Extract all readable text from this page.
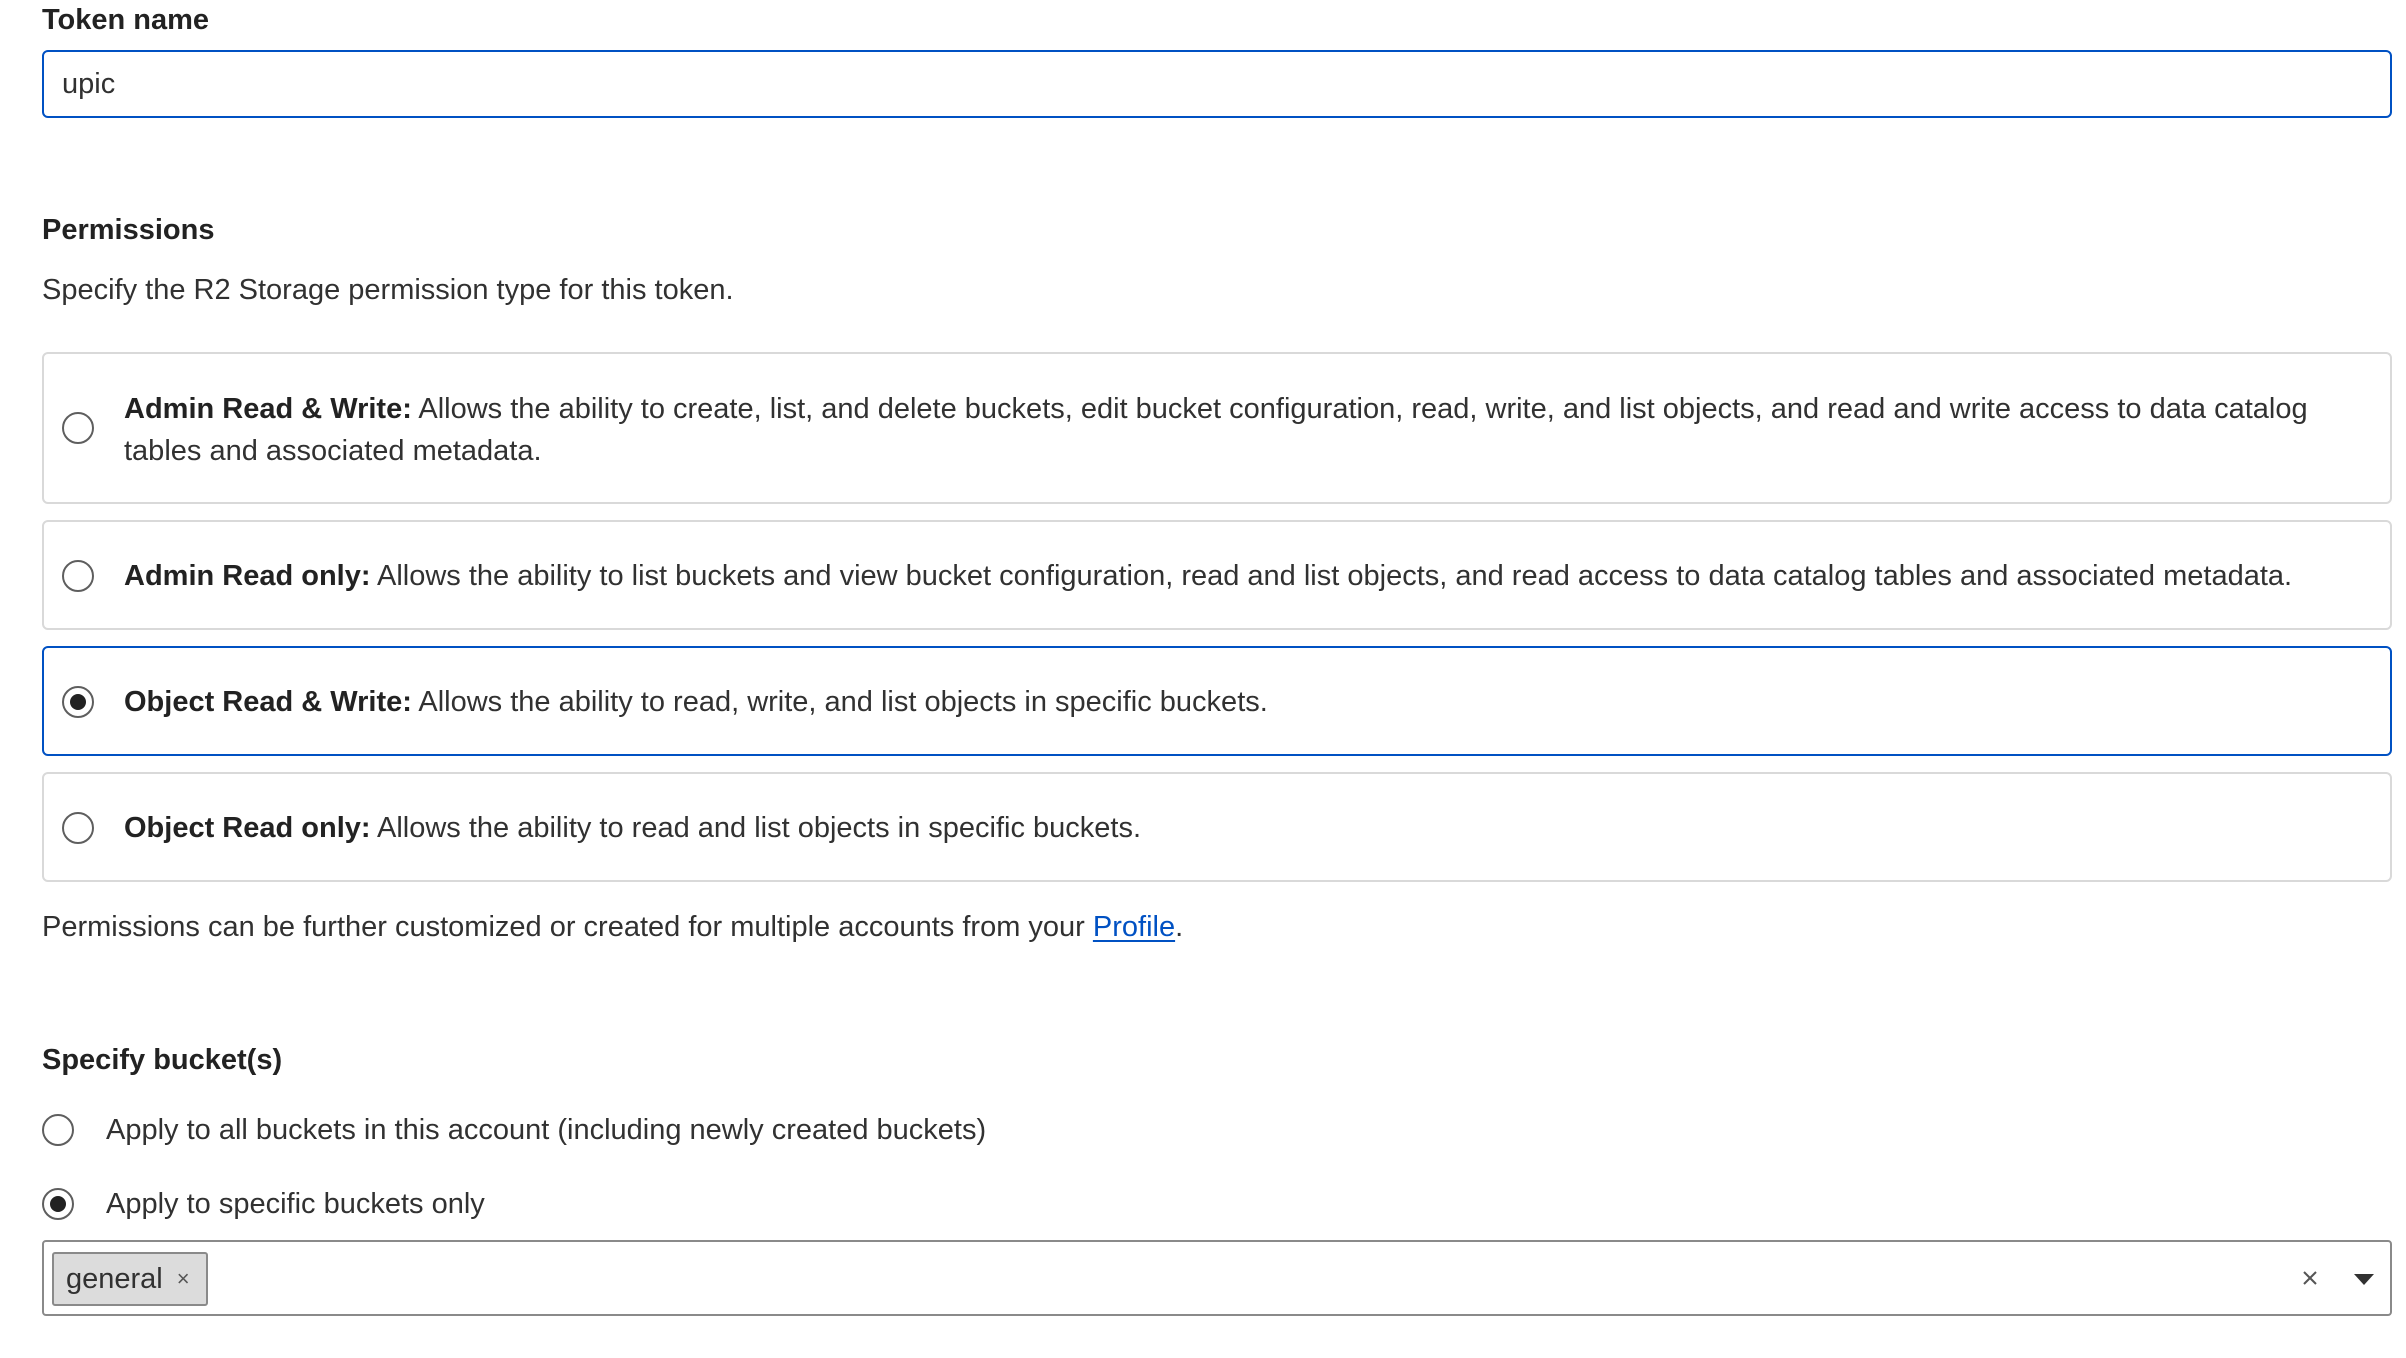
Token name
upic
Permissions
Specify the R2 Storage permission type for this token.
Admin Read & Write: Allows the ability to create, list, and delete buckets, edit bucket configuration, read, write, and list objects, and read and write access to data catalog tables and associated metadata.
Admin Read only: Allows the ability to list buckets and view bucket configuration, read and list objects, and read access to data catalog tables and associated metadata.
Object Read & Write: Allows the ability to read, write, and list objects in specific buckets.
Object Read only: Allows the ability to read and list objects in specific buckets.
Permissions can be further customized or created for multiple accounts from your Profile.
Specify bucket(s)
Apply to all buckets in this account (including newly created buckets)
Apply to specific buckets only
general ×
